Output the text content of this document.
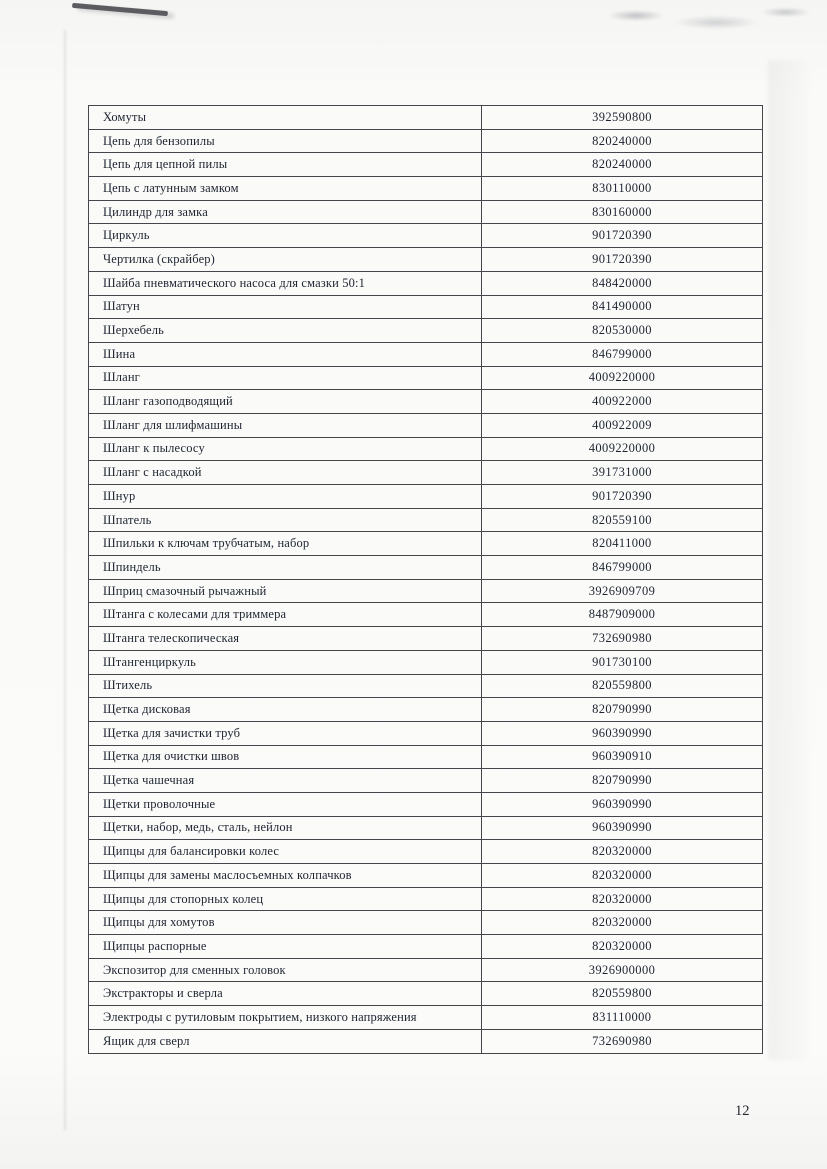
Хомуты	392590800
Цепь для бензопилы	820240000
Цепь для цепной пилы	820240000
Цепь с латунным замком	830110000
Цилиндр для замка	830160000
Циркуль	901720390
Чертилка (скрайбер)	901720390
Шайба пневматического насоса для смазки 50:1	848420000
Шатун	841490000
Шерхебель	820530000
Шина	846799000
Шланг	4009220000
Шланг газоподводящий	400922000
Шланг для шлифмашины	400922009
Шланг к пылесосу	4009220000
Шланг с насадкой	391731000
Шнур	901720390
Шпатель	820559100
Шпильки к ключам трубчатым, набор	820411000
Шпиндель	846799000
Шприц смазочный рычажный	3926909709
Штанга с колесами для триммера	8487909000
Штанга телескопическая	732690980
Штангенциркуль	901730100
Штихель	820559800
Щетка дисковая	820790990
Щетка для зачистки труб	960390990
Щетка для очистки швов	960390910
Щетка чашечная	820790990
Щетки проволочные	960390990
Щетки, набор, медь, сталь, нейлон	960390990
Щипцы для балансировки колес	820320000
Щипцы для замены маслосъемных колпачков	820320000
Щипцы для стопорных колец	820320000
Щипцы для хомутов	820320000
Щипцы распорные	820320000
Экспозитор для сменных головок	3926900000
Экстракторы и сверла	820559800
Электроды с рутиловым покрытием, низкого напряжения	831110000
Ящик для сверл	732690980
12
